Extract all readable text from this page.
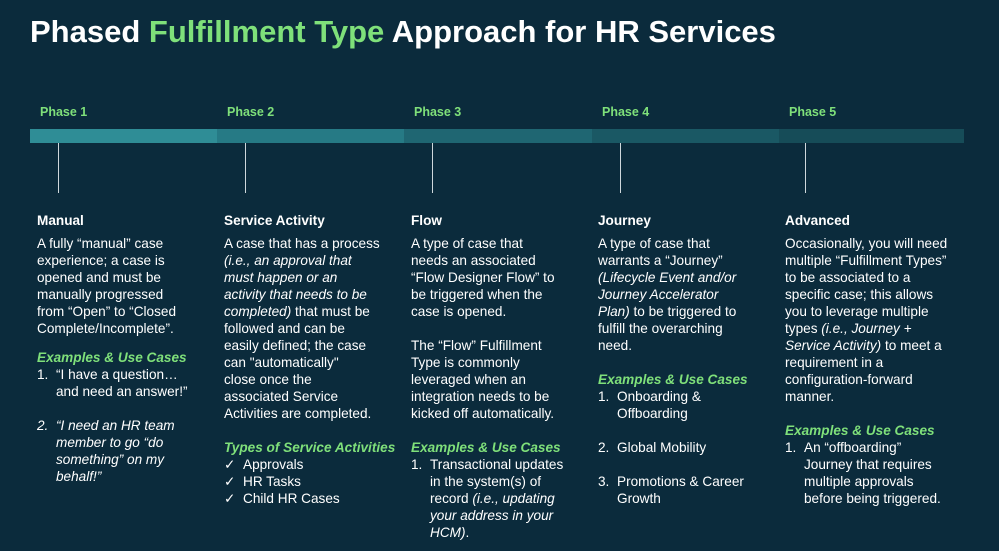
Phased Fulfillment Type Approach for HR Services
Phase 1	Phase 2	Phase 3	Phase 4	Phase 5
Manual

A fully “manual” case
experience; a case is
opened and must be
manually progressed
from “Open” to “Closed
Complete/Incomplete”.

Examples & Use Cases

1. “I have a question…
and need an answer!”
2. “I need an HR team
member to go “do
something” on my
behalf!”
Service Activity

A case that has a process
(i.e., an approval that
must happen or an
activity that needs to be
completed) that must be
followed and can be
easily defined; the case
can "automatically"
close once the
associated Service
Activities are completed.

Types of Service Activities

✓ Approvals
✓ HR Tasks
✓ Child HR Cases
Flow

A type of case that
needs an associated
“Flow Designer Flow” to
be triggered when the
case is opened.

The “Flow” Fulfillment
Type is commonly
leveraged when an
integration needs to be
kicked off automatically.

Examples & Use Cases

1. Transactional updates
in the system(s) of
record (i.e., updating
your address in your
HCM).
Journey

A type of case that
warrants a “Journey”
(Lifecycle Event and/or
Journey Accelerator
Plan) to be triggered to
fulfill the overarching
need.

Examples & Use Cases

1. Onboarding &
Offboarding
2. Global Mobility
3. Promotions & Career
Growth
Advanced

Occasionally, you will need
multiple “Fulfillment Types”
to be associated to a
specific case; this allows
you to leverage multiple
types (i.e., Journey +
Service Activity) to meet a
requirement in a
configuration-forward
manner.

Examples & Use Cases

1. An “offboarding”
Journey that requires
multiple approvals
before being triggered.
